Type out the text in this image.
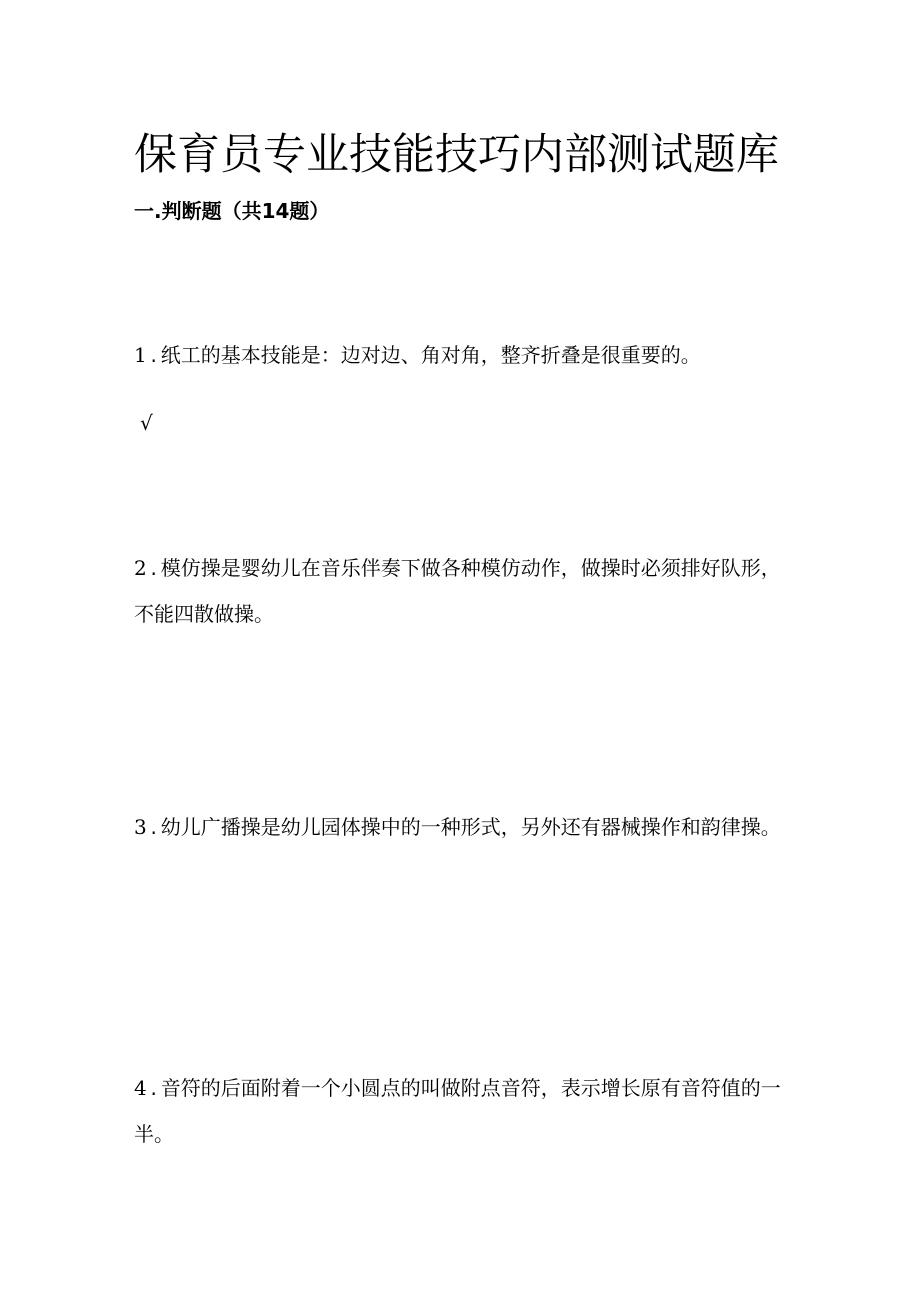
保育员专业技能技巧内部测试题库
一.判断题（共14题）

1 . 纸工的基本技能是：边对边、角对角，整齐折叠是很重要的。

√

2 . 模仿操是婴幼儿在音乐伴奏下做各种模仿动作，做操时必须排好队形，不能四散做操。

3 . 幼儿广播操是幼儿园体操中的一种形式，另外还有器械操作和韵律操。

4 . 音符的后面附着一个小圆点的叫做附点音符，表示增长原有音符值的一半。
